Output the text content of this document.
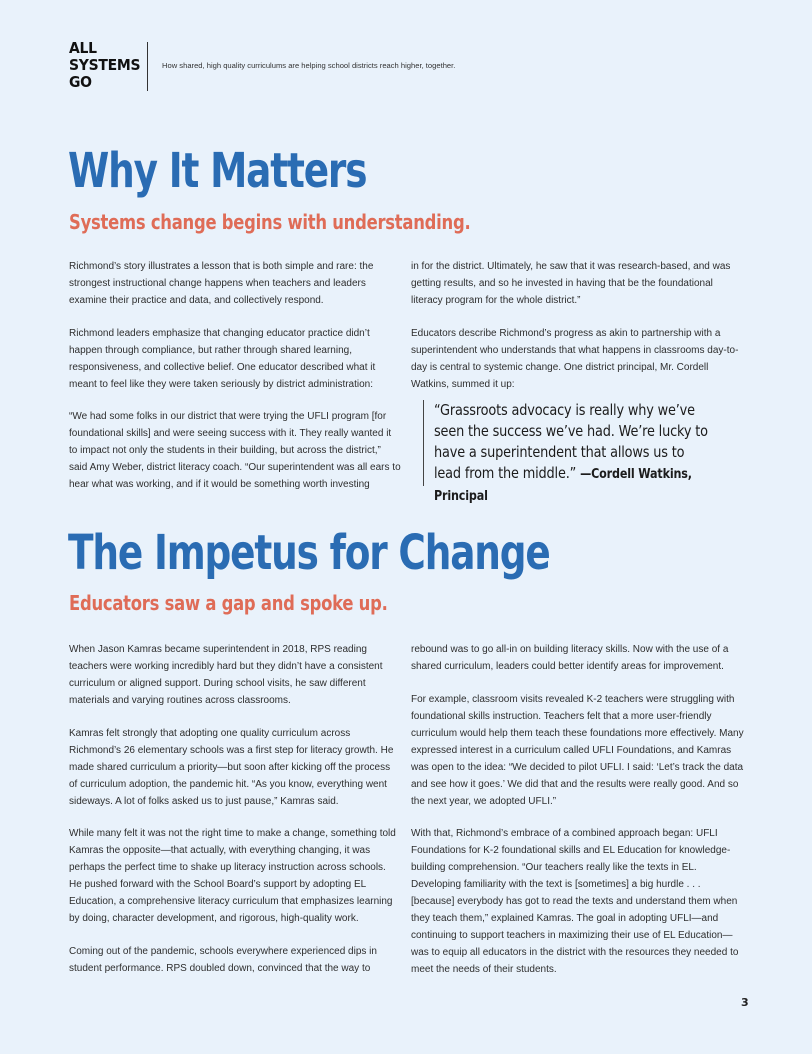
ALL
SYSTEMS
GO
How shared, high quality curriculums are helping school districts reach higher, together.
Why It Matters
Systems change begins with understanding.

Richmond’s story illustrates a lesson that is both simple and rare: the strongest instructional change happens when teachers and leaders examine their practice and data, and collectively respond.

Richmond leaders emphasize that changing educator practice didn’t happen through compliance, but rather through shared learning, responsiveness, and collective belief. One educator described what it meant to feel like they were taken seriously by district administration:

“We had some folks in our district that were trying the UFLI program [for foundational skills] and were seeing success with it. They really wanted it to impact not only the students in their building, but across the district,” said Amy Weber, district literacy coach. “Our superintendent was all ears to hear what was working, and if it would be something worth investing

in for the district. Ultimately, he saw that it was research-based, and was getting results, and so he invested in having that be the foundational literacy program for the whole district.”

Educators describe Richmond’s progress as akin to partnership with a superintendent who understands that what happens in classrooms day-to-day is central to systemic change. One district principal, Mr. Cordell Watkins, summed it up:

“Grassroots advocacy is really why we’ve seen the success we’ve had. We’re lucky to have a superintendent that allows us to lead from the middle.” —Cordell Watkins, Principal
The Impetus for Change
Educators saw a gap and spoke up.

When Jason Kamras became superintendent in 2018, RPS reading teachers were working incredibly hard but they didn’t have a consistent curriculum or aligned support. During school visits, he saw different materials and varying routines across classrooms.

Kamras felt strongly that adopting one quality curriculum across Richmond’s 26 elementary schools was a first step for literacy growth. He made shared curriculum a priority—but soon after kicking off the process of curriculum adoption, the pandemic hit. “As you know, everything went sideways. A lot of folks asked us to just pause,” Kamras said.

While many felt it was not the right time to make a change, something told Kamras the opposite—that actually, with everything changing, it was perhaps the perfect time to shake up literacy instruction across schools. He pushed forward with the School Board’s support by adopting EL Education, a comprehensive literacy curriculum that emphasizes learning by doing, character development, and rigorous, high-quality work.

Coming out of the pandemic, schools everywhere experienced dips in student performance. RPS doubled down, convinced that the way to

rebound was to go all-in on building literacy skills. Now with the use of a shared curriculum, leaders could better identify areas for improvement.

For example, classroom visits revealed K-2 teachers were struggling with foundational skills instruction. Teachers felt that a more user-friendly curriculum would help them teach these foundations more effectively. Many expressed interest in a curriculum called UFLI Foundations, and Kamras was open to the idea: “We decided to pilot UFLI. I said: ‘Let’s track the data and see how it goes.’ We did that and the results were really good. And so the next year, we adopted UFLI.”

With that, Richmond’s embrace of a combined approach began: UFLI Foundations for K-2 foundational skills and EL Education for knowledge-building comprehension. “Our teachers really like the texts in EL. Developing familiarity with the text is [sometimes] a big hurdle . . . [because] everybody has got to read the texts and understand them when they teach them,” explained Kamras. The goal in adopting UFLI—and continuing to support teachers in maximizing their use of EL Education—was to equip all educators in the district with the resources they needed to meet the needs of their students.

3
